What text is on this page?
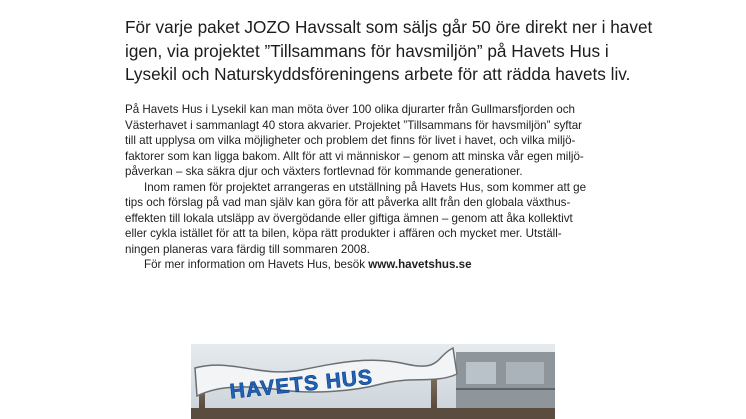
För varje paket JOZO Havssalt som säljs går 50 öre direkt ner i havet
igen, via projektet ”Tillsammans för havsmiljön” på Havets Hus i
Lysekil och Naturskyddsföreningens arbete för att rädda havets liv.
På Havets Hus i Lysekil kan man möta över 100 olika djurarter från Gullmarsfjorden och
Västerhavet i sammanlagt 40 stora akvarier. Projektet ”Tillsammans för havsmiljön” syftar
till att upplysa om vilka möjligheter och problem det finns för livet i havet, och vilka miljö-
faktorer som kan ligga bakom. Allt för att vi människor – genom att minska vår egen miljö-
påverkan – ska säkra djur och växters fortlevnad för kommande generationer.
Inom ramen för projektet arrangeras en utställning på Havets Hus, som kommer att ge
tips och förslag på vad man själv kan göra för att påverka allt från den globala växthus-
effekten till lokala utsläpp av övergödande eller giftiga ämnen – genom att åka kollektivt
eller cykla istället för att ta bilen, köpa rätt produkter i affären och mycket mer. Utställ-
ningen planeras vara färdig till sommaren 2008.
För mer information om Havets Hus, besök www.havetshus.se
HAVETS HUS
